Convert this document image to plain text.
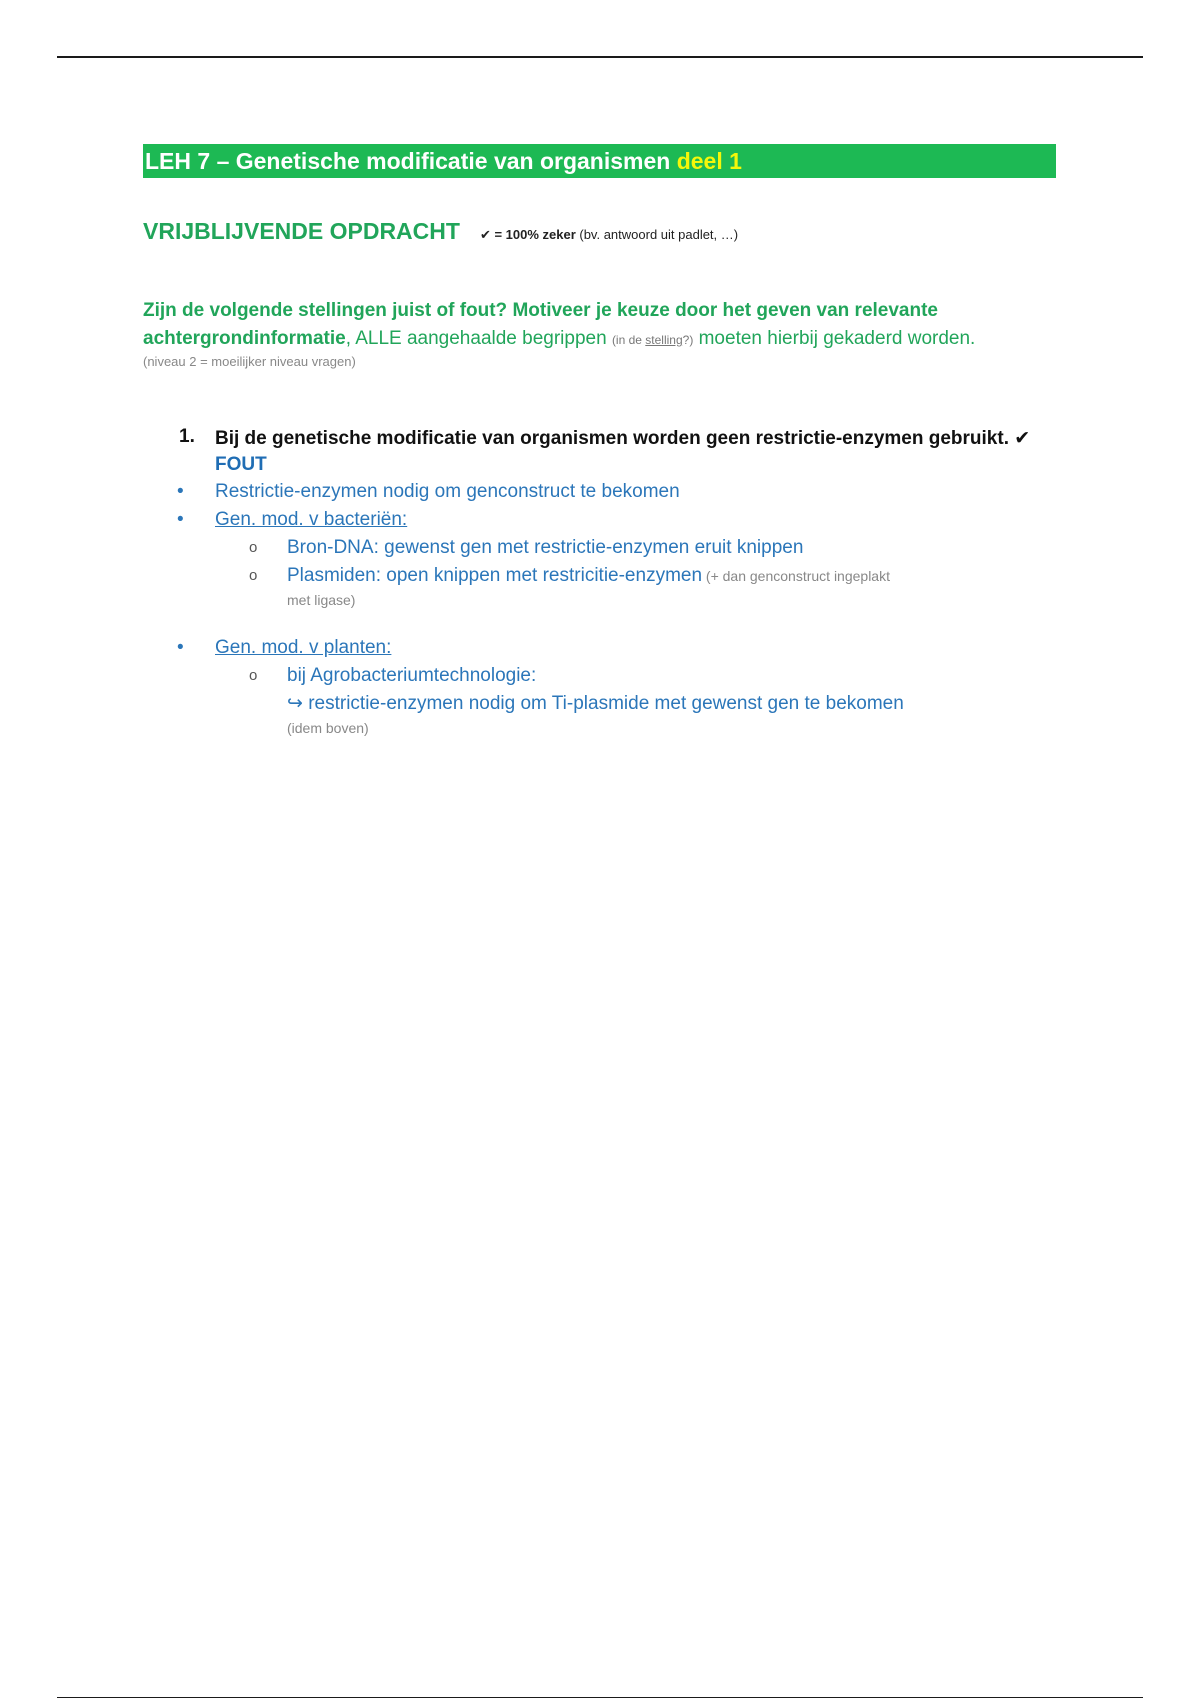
LEH 7 – Genetische modificatie van organismen deel 1
VRIJBLIJVENDE OPDRACHT ✔ = 100% zeker (bv. antwoord uit padlet, …)
Zijn de volgende stellingen juist of fout? Motiveer je keuze door het geven van relevante achtergrondinformatie, ALLE aangehaalde begrippen (in de stelling?) moeten hierbij gekaderd worden.
(niveau 2 = moeilijker niveau vragen)
1. Bij de genetische modificatie van organismen worden geen restrictie-enzymen gebruikt. ✔
FOUT
• Restrictie-enzymen nodig om genconstruct te bekomen
• Gen. mod. v bacteriën:
o Bron-DNA: gewenst gen met restrictie-enzymen eruit knippen
o Plasmiden: open knippen met restricitie-enzymen (+ dan genconstruct ingeplakt
met ligase)
• Gen. mod. v planten:
o bij Agrobacteriumtechnologie:
↪ restrictie-enzymen nodig om Ti-plasmide met gewenst gen te bekomen
(idem boven)
